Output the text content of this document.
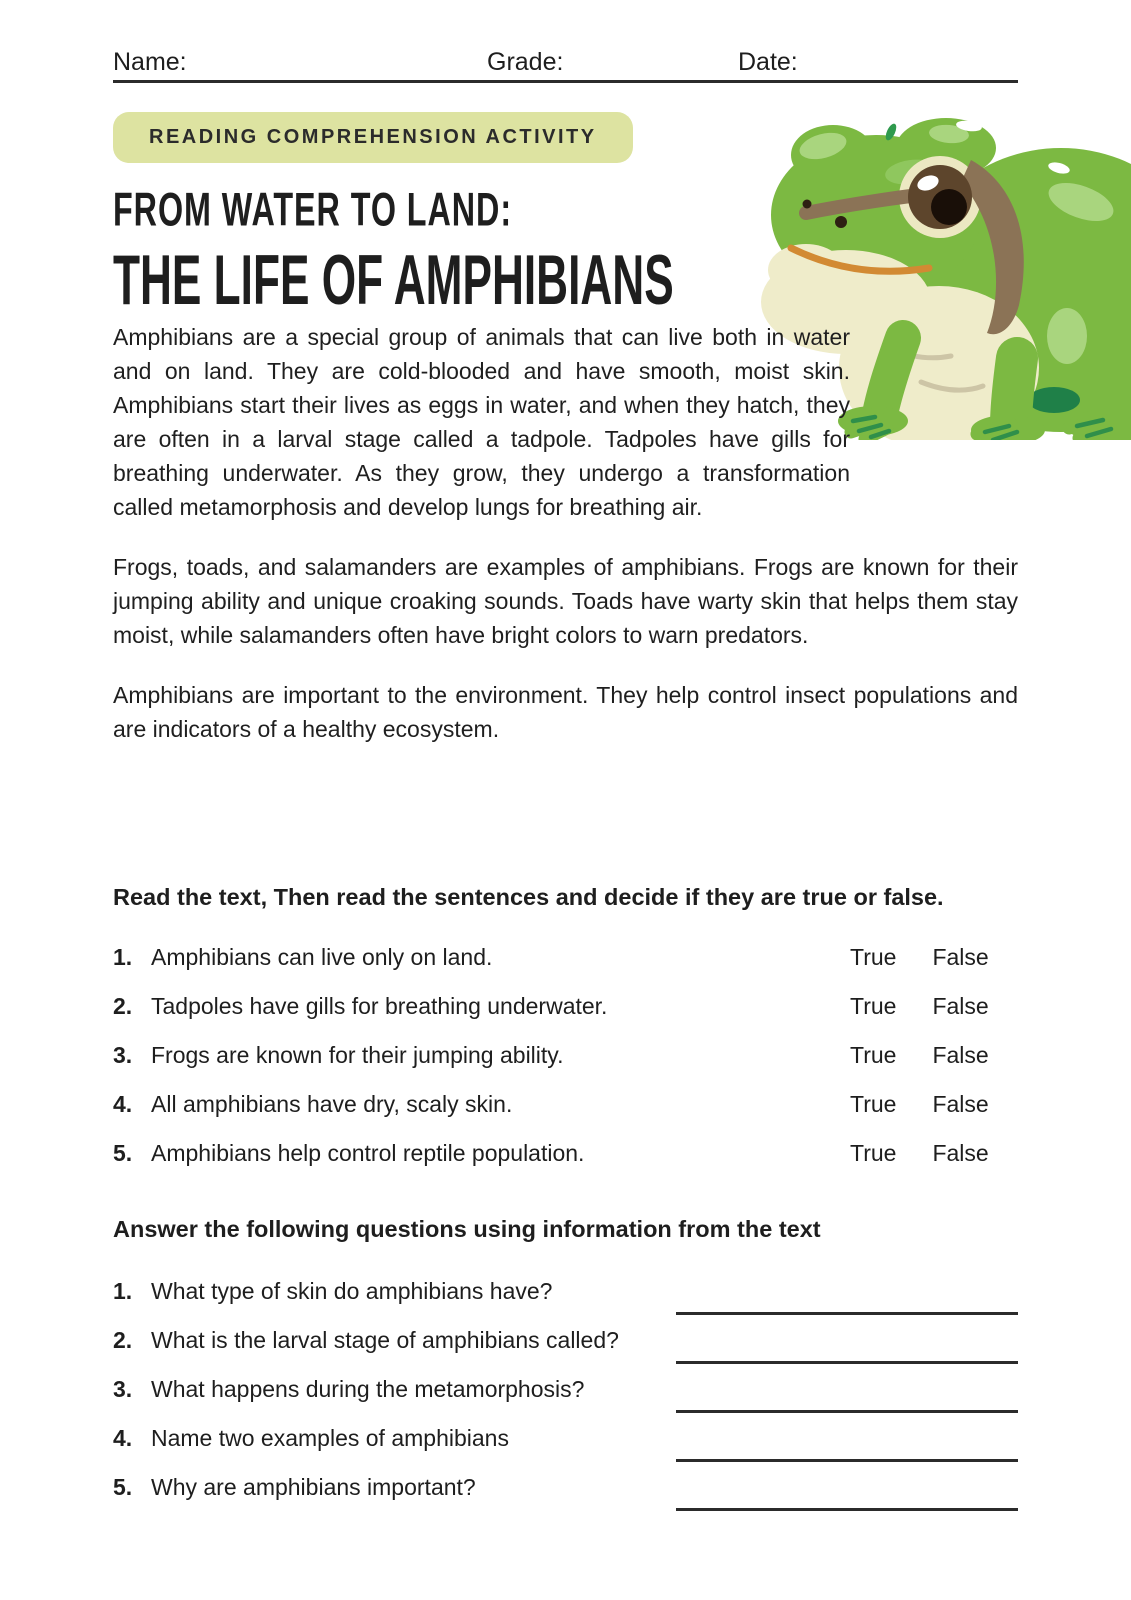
Name:	Grade:	Date:
READING COMPREHENSION ACTIVITY
FROM WATER TO LAND:
THE LIFE OF AMPHIBIANS

Amphibians are a special group of animals that can live both in water and on land. They are cold-blooded and have smooth, moist skin. Amphibians start their lives as eggs in water, and when they hatch, they are often in a larval stage called a tadpole. Tadpoles have gills for breathing underwater. As they grow, they undergo a transformation called metamorphosis and develop lungs for breathing air.

Frogs, toads, and salamanders are examples of amphibians. Frogs are known for their jumping ability and unique croaking sounds. Toads have warty skin that helps them stay moist, while salamanders often have bright colors to warn predators.

Amphibians are important to the environment. They help control insect populations and are indicators of a healthy ecosystem.

Read the text, Then read the sentences and decide if they are true or false.
1. Amphibians can live only on land.	True False
2. Tadpoles have gills for breathing underwater.	True False
3. Frogs are known for their jumping ability.	True False
4. All amphibians have dry, scaly skin.	True False
5. Amphibians help control reptile population.	True False
Answer the following questions using information from the text
1. What type of skin do amphibians have?
2. What is the larval stage of amphibians called?
3. What happens during the metamorphosis?
4. Name two examples of amphibians
5. Why are amphibians important?
